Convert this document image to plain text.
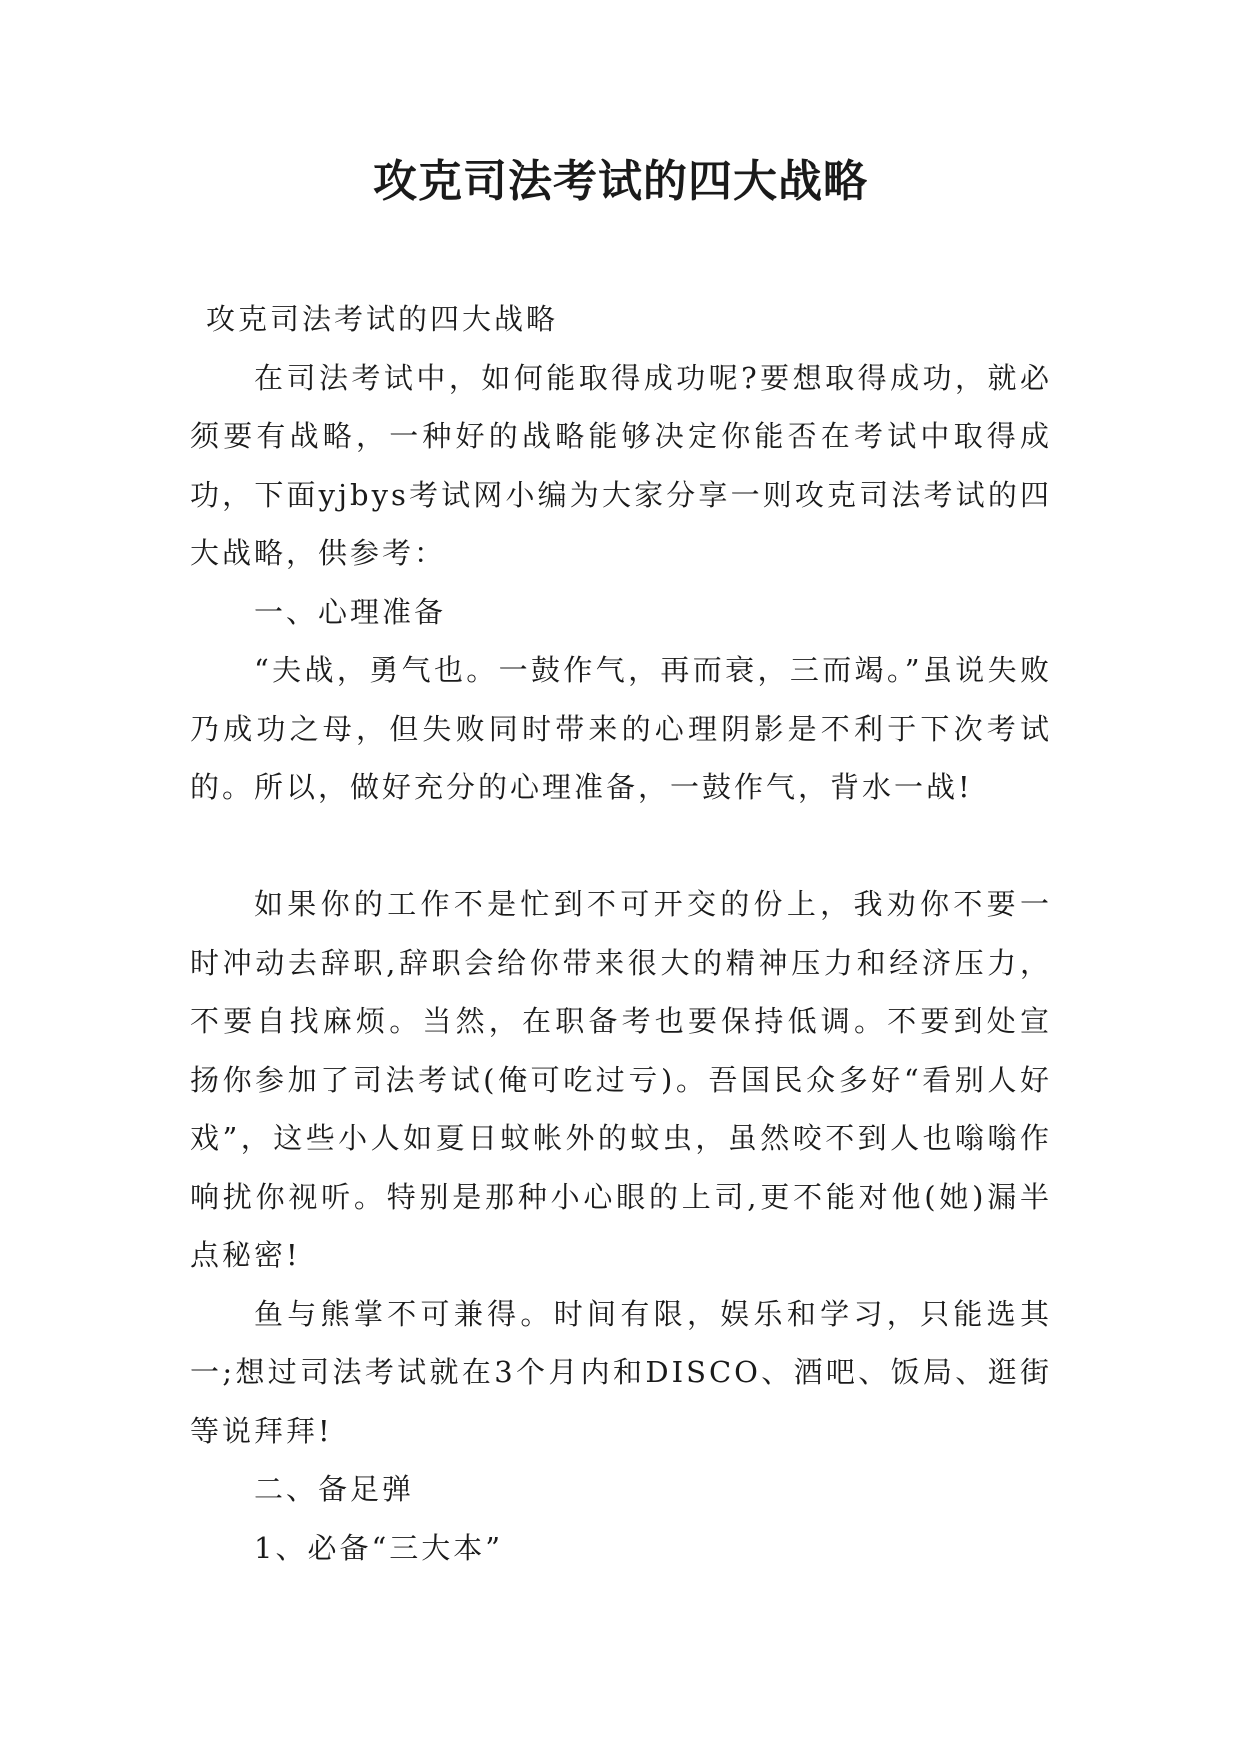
攻克司法考试的四大战略

攻克司法考试的四大战略

在司法考试中，如何能取得成功呢?要想取得成功，就必须要有战略，一种好的战略能够决定你能否在考试中取得成功，下面yjbys考试网小编为大家分享一则攻克司法考试的四大战略，供参考：

一、心理准备

“夫战，勇气也。一鼓作气，再而衰，三而竭。”虽说失败乃成功之母，但失败同时带来的心理阴影是不利于下次考试的。所以，做好充分的心理准备，一鼓作气，背水一战!

如果你的工作不是忙到不可开交的份上，我劝你不要一时冲动去辞职,辞职会给你带来很大的精神压力和经济压力，不要自找麻烦。当然，在职备考也要保持低调。不要到处宣扬你参加了司法考试(俺可吃过亏)。吾国民众多好“看别人好戏”，这些小人如夏日蚊帐外的蚊虫，虽然咬不到人也嗡嗡作响扰你视听。特别是那种小心眼的上司,更不能对他(她)漏半点秘密!

鱼与熊掌不可兼得。时间有限，娱乐和学习，只能选其一;想过司法考试就在3个月内和DISCO、酒吧、饭局、逛街等说拜拜!

二、备足弹

1、必备“三大本”
